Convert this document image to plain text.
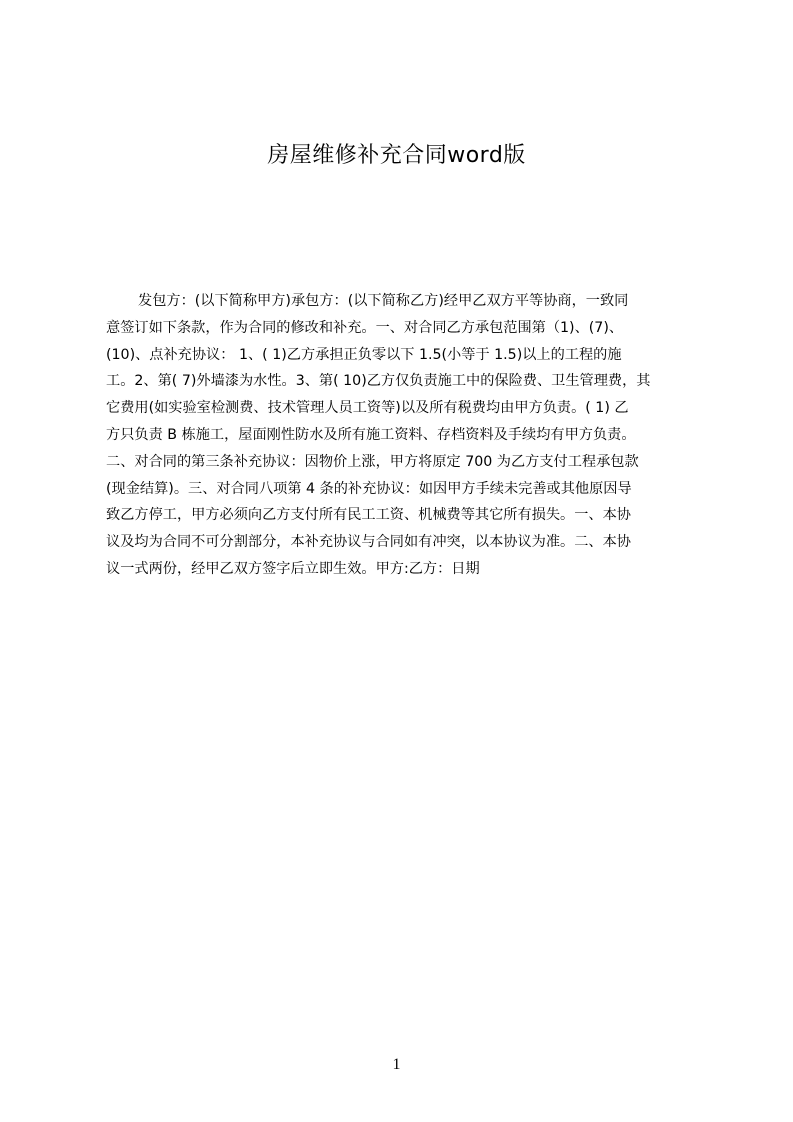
房屋维修补充合同word版
发包方：(以下简称甲方)承包方：(以下简称乙方)经甲乙双方平等协商，一致同
意签订如下条款，作为合同的修改和补充。一、对合同乙方承包范围第（1)、(7)、
(10)、点补充协议： 1、( 1)乙方承担正负零以下 1.5(小等于 1.5)以上的工程的施
工。2、第( 7)外墙漆为水性。3、第( 10)乙方仅负责施工中的保险费、卫生管理费，其
它费用(如实验室检测费、技术管理人员工资等)以及所有税费均由甲方负责。( 1) 乙
方只负责 B 栋施工，屋面刚性防水及所有施工资料、存档资料及手续均有甲方负责。
二、对合同的第三条补充协议：因物价上涨，甲方将原定 700 为乙方支付工程承包款
(现金结算)。三、对合同八项第 4 条的补充协议：如因甲方手续未完善或其他原因导
致乙方停工，甲方必须向乙方支付所有民工工资、机械费等其它所有损失。一、本协
议及均为合同不可分割部分，本补充协议与合同如有冲突，以本协议为准。二、本协
议一式两份，经甲乙双方签字后立即生效。甲方:乙方：日期
1
